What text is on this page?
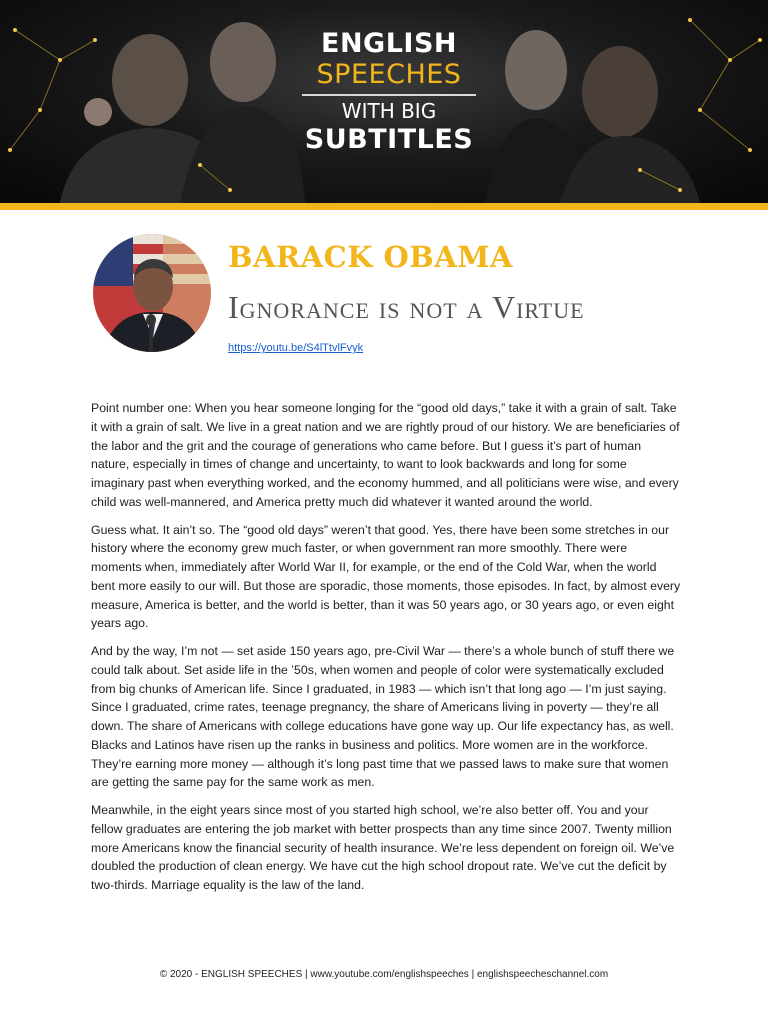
ENGLISH
SPEECHES
WITH BIG
SUBTITLES
BARACK OBAMA
Ignorance is not a Virtue
https://youtu.be/S4lTtvlFvyk

Point number one: When you hear someone longing for the “good old days,” take it with a grain of salt. Take it with a grain of salt. We live in a great nation and we are rightly proud of our history. We are beneficiaries of the labor and the grit and the courage of generations who came before. But I guess it’s part of human nature, especially in times of change and uncertainty, to want to look backwards and long for some imaginary past when everything worked, and the economy hummed, and all politicians were wise, and every child was well-mannered, and America pretty much did whatever it wanted around the world.

Guess what. It ain’t so. The “good old days” weren’t that good. Yes, there have been some stretches in our history where the economy grew much faster, or when government ran more smoothly. There were moments when, immediately after World War II, for example, or the end of the Cold War, when the world bent more easily to our will. But those are sporadic, those moments, those episodes. In fact, by almost every measure, America is better, and the world is better, than it was 50 years ago, or 30 years ago, or even eight years ago.

And by the way, I’m not — set aside 150 years ago, pre-Civil War — there’s a whole bunch of stuff there we could talk about. Set aside life in the ’50s, when women and people of color were systematically excluded from big chunks of American life. Since I graduated, in 1983 — which isn’t that long ago — I’m just saying. Since I graduated, crime rates, teenage pregnancy, the share of Americans living in poverty — they’re all down. The share of Americans with college educations have gone way up. Our life expectancy has, as well. Blacks and Latinos have risen up the ranks in business and politics. More women are in the workforce. They’re earning more money — although it’s long past time that we passed laws to make sure that women are getting the same pay for the same work as men.

Meanwhile, in the eight years since most of you started high school, we’re also better off. You and your fellow graduates are entering the job market with better prospects than any time since 2007. Twenty million more Americans know the financial security of health insurance. We’re less dependent on foreign oil. We’ve doubled the production of clean energy. We have cut the high school dropout rate. We’ve cut the deficit by two-thirds. Marriage equality is the law of the land.

© 2020 - ENGLISH SPEECHES | www.youtube.com/englishspeeches | englishspeecheschannel.com
